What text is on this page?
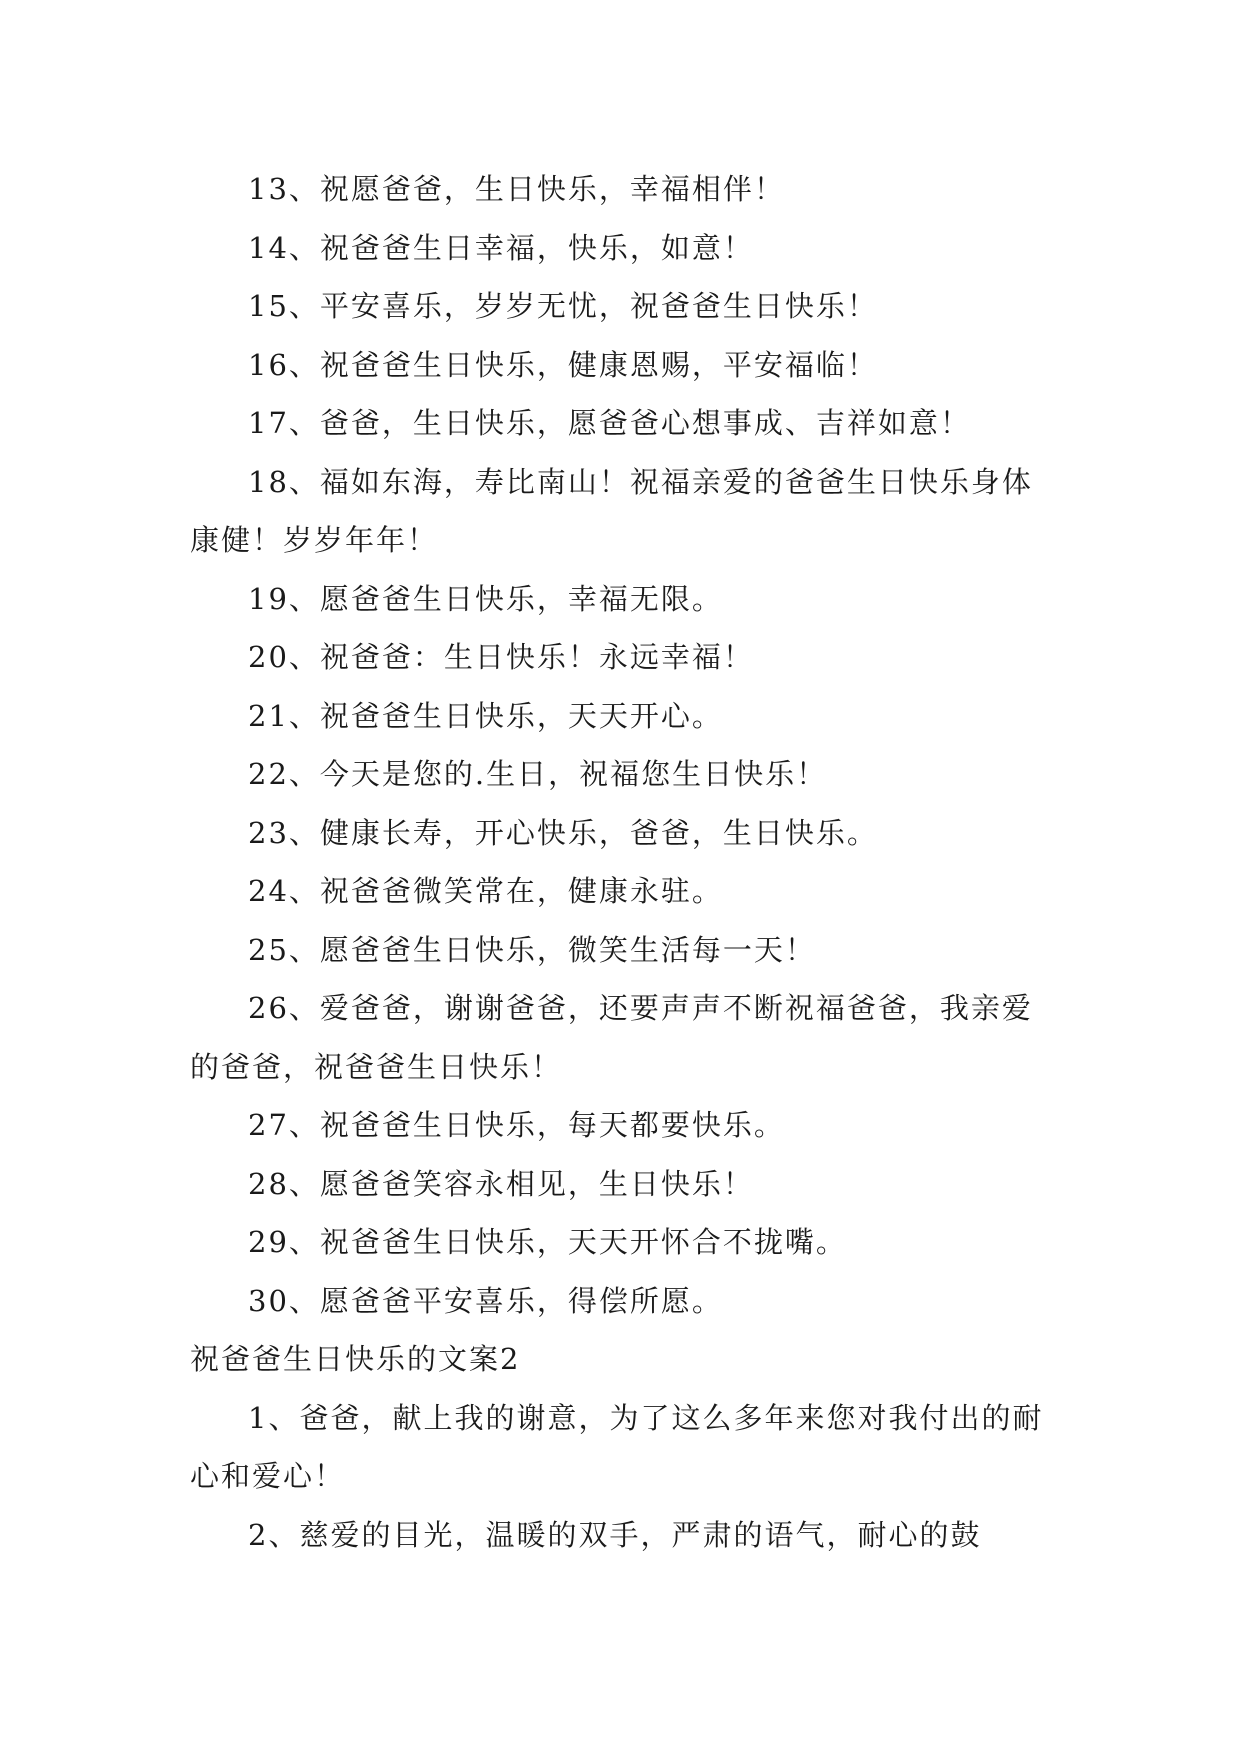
13、祝愿爸爸，生日快乐，幸福相伴！

14、祝爸爸生日幸福，快乐，如意！

15、平安喜乐，岁岁无忧，祝爸爸生日快乐！

16、祝爸爸生日快乐，健康恩赐，平安福临！

17、爸爸，生日快乐，愿爸爸心想事成、吉祥如意！

18、福如东海，寿比南山！祝福亲爱的爸爸生日快乐身体康健！岁岁年年！

19、愿爸爸生日快乐，幸福无限。

20、祝爸爸：生日快乐！永远幸福！

21、祝爸爸生日快乐，天天开心。

22、今天是您的.生日，祝福您生日快乐！

23、健康长寿，开心快乐，爸爸，生日快乐。

24、祝爸爸微笑常在，健康永驻。

25、愿爸爸生日快乐，微笑生活每一天！

26、爱爸爸，谢谢爸爸，还要声声不断祝福爸爸，我亲爱的爸爸，祝爸爸生日快乐！

27、祝爸爸生日快乐，每天都要快乐。

28、愿爸爸笑容永相见，生日快乐！

29、祝爸爸生日快乐，天天开怀合不拢嘴。

30、愿爸爸平安喜乐，得偿所愿。

祝爸爸生日快乐的文案2

1、爸爸，献上我的谢意，为了这么多年来您对我付出的耐心和爱心！

2、慈爱的目光，温暖的双手，严肃的语气，耐心的鼓
